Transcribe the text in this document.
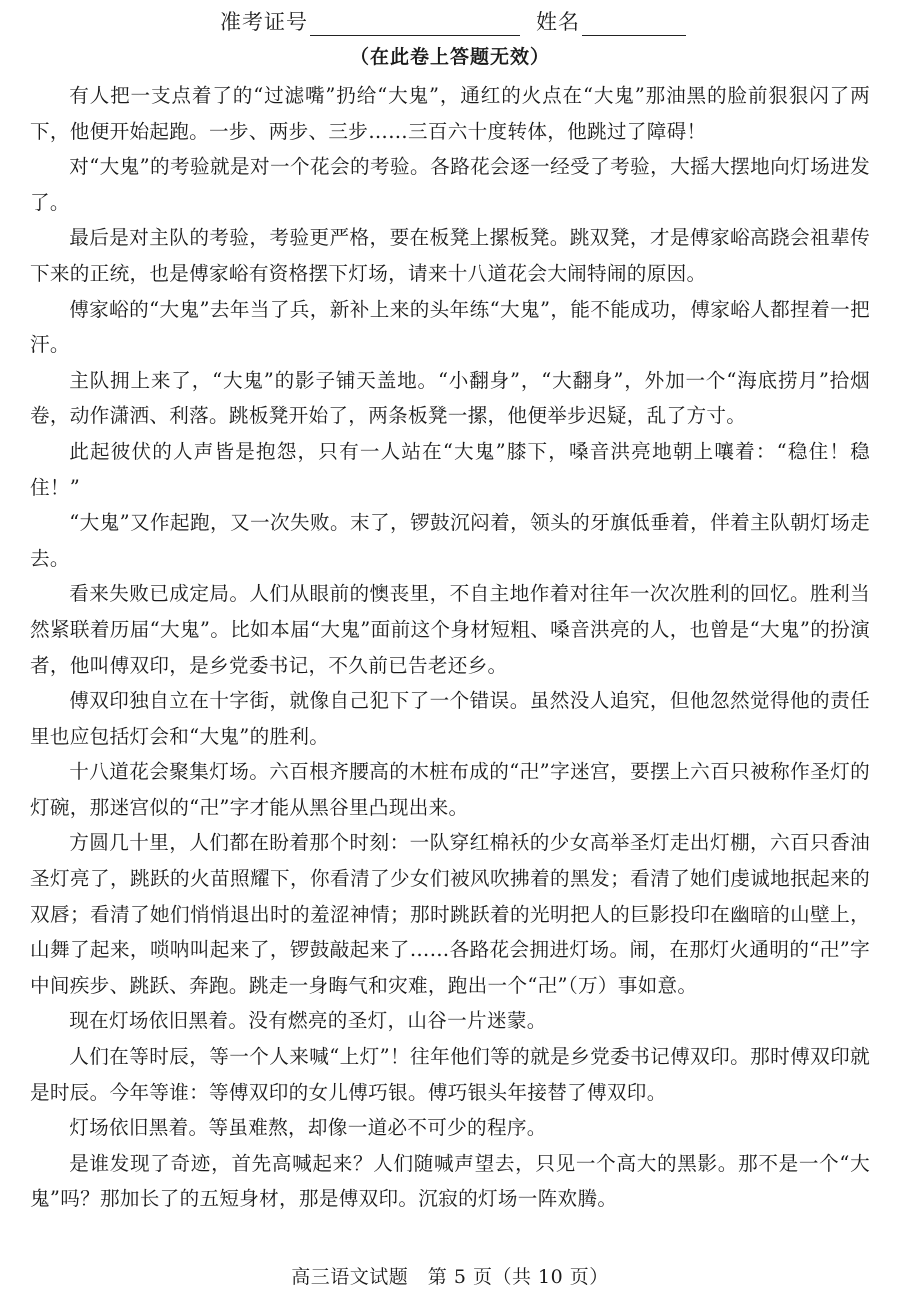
准考证号	姓名
（在此卷上答题无效）

有人把一支点着了的“过滤嘴”扔给“大鬼”，通红的火点在“大鬼”那油黑的脸前狠狠闪了两下，他便开始起跑。一步、两步、三步……三百六十度转体，他跳过了障碍！

对“大鬼”的考验就是对一个花会的考验。各路花会逐一经受了考验，大摇大摆地向灯场进发了。

最后是对主队的考验，考验更严格，要在板凳上摞板凳。跳双凳，才是傅家峪高跷会祖辈传下来的正统，也是傅家峪有资格摆下灯场，请来十八道花会大闹特闹的原因。

傅家峪的“大鬼”去年当了兵，新补上来的头年练“大鬼”，能不能成功，傅家峪人都捏着一把汗。

主队拥上来了，“大鬼”的影子铺天盖地。“小翻身”，“大翻身”，外加一个“海底捞月”拾烟卷，动作潇洒、利落。跳板凳开始了，两条板凳一摞，他便举步迟疑，乱了方寸。

此起彼伏的人声皆是抱怨，只有一人站在“大鬼”膝下，嗓音洪亮地朝上嚷着：“稳住！稳住！”

“大鬼”又作起跑，又一次失败。末了，锣鼓沉闷着，领头的牙旗低垂着，伴着主队朝灯场走去。

看来失败已成定局。人们从眼前的懊丧里，不自主地作着对往年一次次胜利的回忆。胜利当然紧联着历届“大鬼”。比如本届“大鬼”面前这个身材短粗、嗓音洪亮的人，也曾是“大鬼”的扮演者，他叫傅双印，是乡党委书记，不久前已告老还乡。

傅双印独自立在十字街，就像自己犯下了一个错误。虽然没人追究，但他忽然觉得他的责任里也应包括灯会和“大鬼”的胜利。

十八道花会聚集灯场。六百根齐腰高的木桩布成的“卍”字迷宫，要摆上六百只被称作圣灯的灯碗，那迷宫似的“卍”字才能从黑谷里凸现出来。

方圆几十里，人们都在盼着那个时刻：一队穿红棉袄的少女高举圣灯走出灯棚，六百只香油圣灯亮了，跳跃的火苗照耀下，你看清了少女们被风吹拂着的黑发；看清了她们虔诚地抿起来的双唇；看清了她们悄悄退出时的羞涩神情；那时跳跃着的光明把人的巨影投印在幽暗的山壁上，山舞了起来，唢呐叫起来了，锣鼓敲起来了……各路花会拥进灯场。闹，在那灯火通明的“卍”字中间疾步、跳跃、奔跑。跳走一身晦气和灾难，跑出一个“卍”（万）事如意。

现在灯场依旧黑着。没有燃亮的圣灯，山谷一片迷蒙。

人们在等时辰，等一个人来喊“上灯”！往年他们等的就是乡党委书记傅双印。那时傅双印就是时辰。今年等谁：等傅双印的女儿傅巧银。傅巧银头年接替了傅双印。

灯场依旧黑着。等虽难熬，却像一道必不可少的程序。

是谁发现了奇迹，首先高喊起来？人们随喊声望去，只见一个高大的黑影。那不是一个“大鬼”吗？那加长了的五短身材，那是傅双印。沉寂的灯场一阵欢腾。

高三语文试题　第 5 页（共 10 页）
